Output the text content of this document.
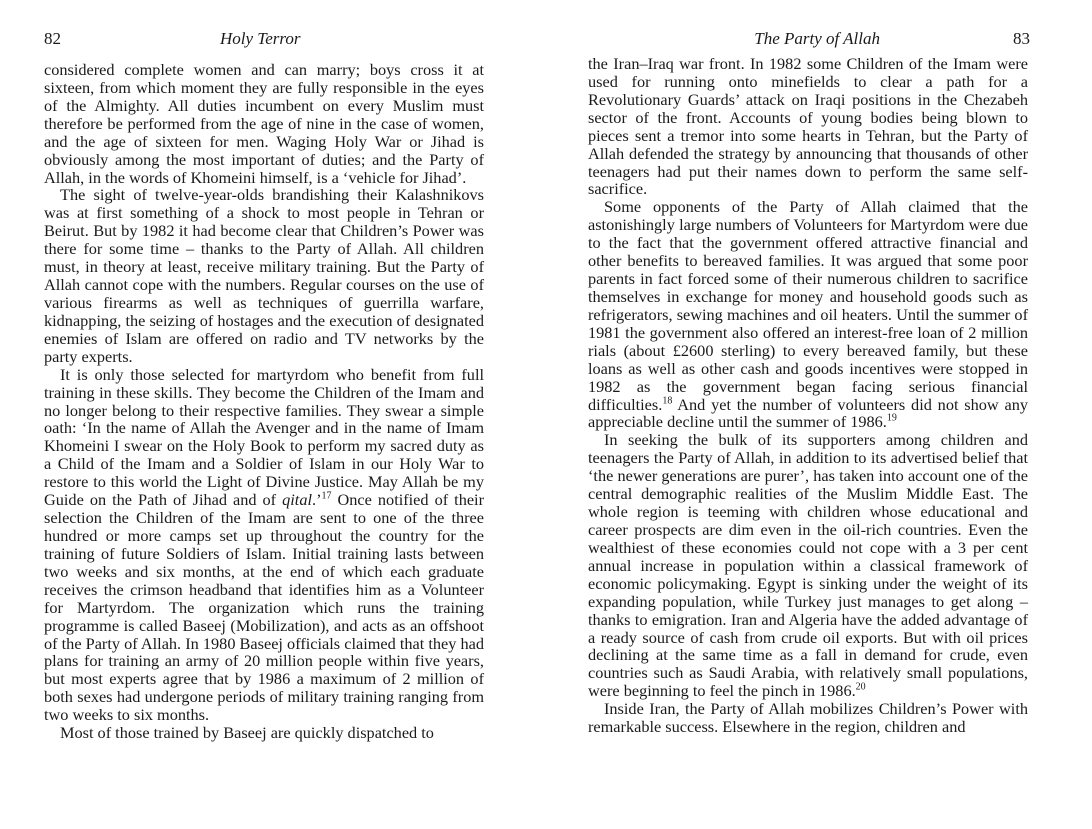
82	Holy Terror

considered complete women and can marry; boys cross it at sixteen, from which moment they are fully responsible in the eyes of the Almighty. All duties incumbent on every Muslim must therefore be performed from the age of nine in the case of women, and the age of sixteen for men. Waging Holy War or Jihad is obviously among the most important of duties; and the Party of Allah, in the words of Khomeini himself, is a ‘vehicle for Jihad’.

The sight of twelve-year-olds brandishing their Kalashnikovs was at first something of a shock to most people in Tehran or Beirut. But by 1982 it had become clear that Children’s Power was there for some time – thanks to the Party of Allah. All children must, in theory at least, receive military training. But the Party of Allah cannot cope with the numbers. Regular courses on the use of various firearms as well as techniques of guerrilla warfare, kidnapping, the seizing of hostages and the execution of designated enemies of Islam are offered on radio and TV networks by the party experts.

It is only those selected for martyrdom who benefit from full training in these skills. They become the Children of the Imam and no longer belong to their respective families. They swear a simple oath: ‘In the name of Allah the Avenger and in the name of Imam Khomeini I swear on the Holy Book to perform my sacred duty as a Child of the Imam and a Soldier of Islam in our Holy War to restore to this world the Light of Divine Justice. May Allah be my Guide on the Path of Jihad and of qital.’$^{17}$ Once notified of their selection the Children of the Imam are sent to one of the three hundred or more camps set up throughout the country for the training of future Soldiers of Islam. Initial training lasts between two weeks and six months, at the end of which each graduate receives the crimson headband that identifies him as a Volunteer for Martyrdom. The organization which runs the training programme is called Baseej (Mobilization), and acts as an offshoot of the Party of Allah. In 1980 Baseej officials claimed that they had plans for training an army of 20 million people within five years, but most experts agree that by 1986 a maximum of 2 million of both sexes had undergone periods of military training ranging from two weeks to six months.

Most of those trained by Baseej are quickly dispatched to

The Party of Allah	83

the Iran–Iraq war front. In 1982 some Children of the Imam were used for running onto minefields to clear a path for a Revolutionary Guards’ attack on Iraqi positions in the Chezabeh sector of the front. Accounts of young bodies being blown to pieces sent a tremor into some hearts in Tehran, but the Party of Allah defended the strategy by announcing that thousands of other teenagers had put their names down to perform the same self-sacrifice.

Some opponents of the Party of Allah claimed that the astonishingly large numbers of Volunteers for Martyrdom were due to the fact that the government offered attractive financial and other benefits to bereaved families. It was argued that some poor parents in fact forced some of their numerous children to sacrifice themselves in exchange for money and household goods such as refrigerators, sewing machines and oil heaters. Until the summer of 1981 the government also offered an interest-free loan of 2 million rials (about £2600 sterling) to every bereaved family, but these loans as well as other cash and goods incentives were stopped in 1982 as the government began facing serious financial difficulties.$^{18}$ And yet the number of volunteers did not show any appreciable decline until the summer of 1986.19

In seeking the bulk of its supporters among children and teenagers the Party of Allah, in addition to its advertised belief that ‘the newer generations are purer’, has taken into account one of the central demographic realities of the Muslim Middle East. The whole region is teeming with children whose educational and career prospects are dim even in the oil-rich countries. Even the wealthiest of these economies could not cope with a 3 per cent annual increase in population within a classical framework of economic policymaking. Egypt is sinking under the weight of its expanding population, while Turkey just manages to get along – thanks to emigration. Iran and Algeria have the added advantage of a ready source of cash from crude oil exports. But with oil prices declining at the same time as a fall in demand for crude, even countries such as Saudi Arabia, with relatively small populations, were beginning to feel the pinch in 1986.20

Inside Iran, the Party of Allah mobilizes Children’s Power with remarkable success. Elsewhere in the region, children and
